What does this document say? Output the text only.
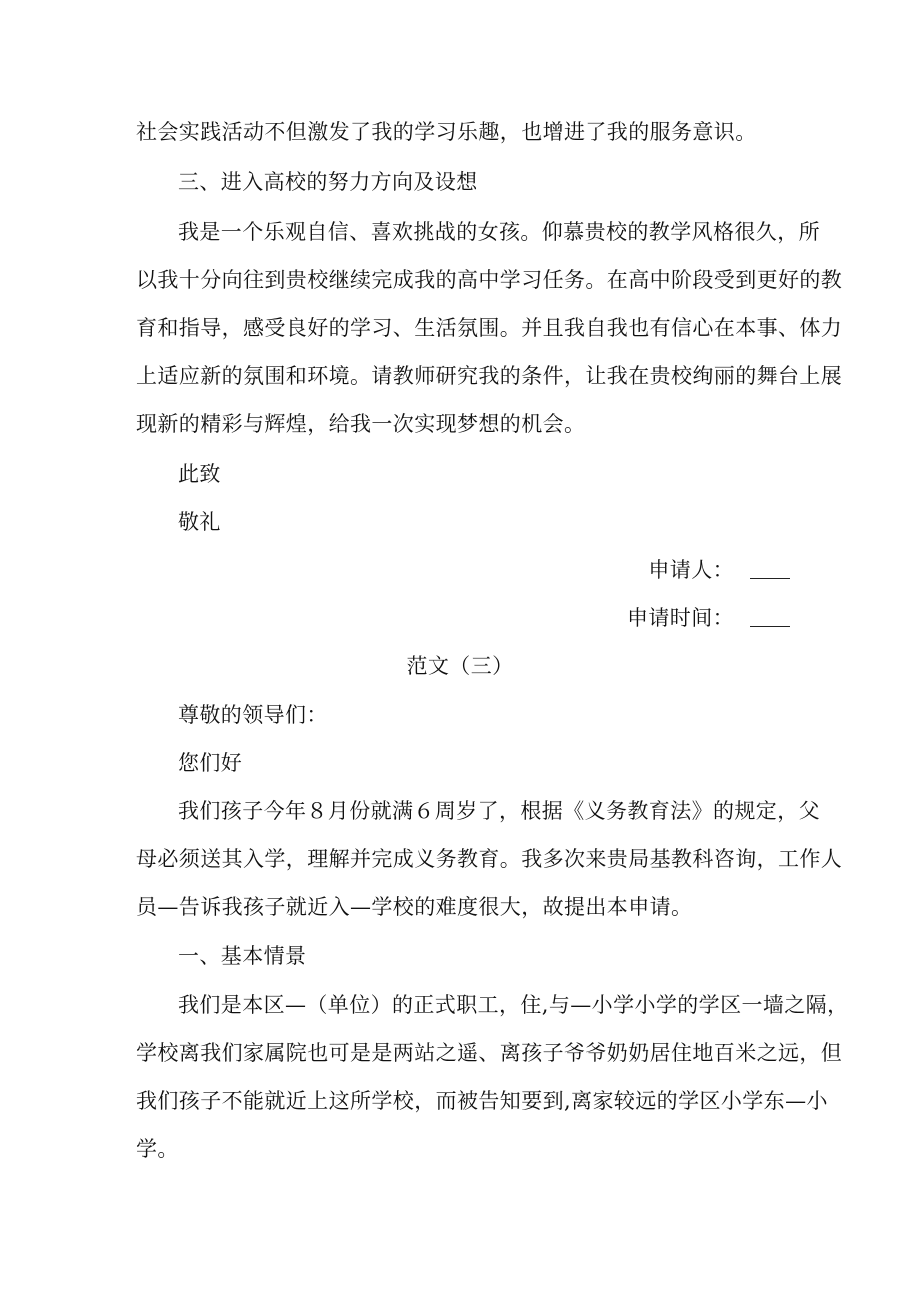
社会实践活动不但激发了我的学习乐趣，也增进了我的服务意识。
三、进入高校的努力方向及设想
我是一个乐观自信、喜欢挑战的女孩。仰慕贵校的教学风格很久，所
以我十分向往到贵校继续完成我的高中学习任务。在高中阶段受到更好的教
育和指导，感受良好的学习、生活氛围。并且我自我也有信心在本事、体力
上适应新的氛围和环境。请教师研究我的条件，让我在贵校绚丽的舞台上展
现新的精彩与辉煌，给我一次实现梦想的机会。
此致
敬礼
申请人：
申请时间：
范文（三）
尊敬的领导们：
您们好
我们孩子今年８月份就满６周岁了，根据《义务教育法》的规定，父
母必须送其入学，理解并完成义务教育。我多次来贵局基教科咨询，工作人
员—告诉我孩子就近入—学校的难度很大，故提出本申请。
一、基本情景
我们是本区—（单位）的正式职工，住,与—小学小学的学区一墙之隔，
学校离我们家属院也可是是两站之遥、离孩子爷爷奶奶居住地百米之远，但
我们孩子不能就近上这所学校，而被告知要到,离家较远的学区小学东—小
学。
